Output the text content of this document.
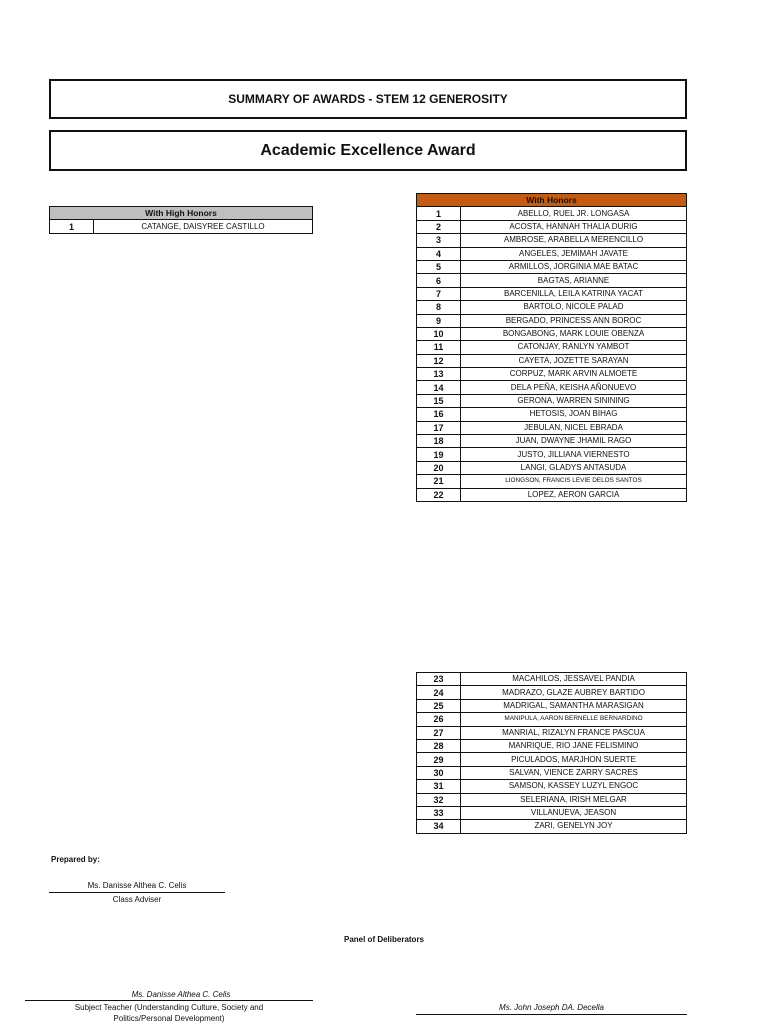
SUMMARY OF AWARDS - STEM 12 GENEROSITY
Academic Excellence Award
With High Honors
1	CATANGE, DAISYREE CASTILLO
With Honors	
1	ABELLO, RUEL JR. LONGASA
2	ACOSTA, HANNAH THALIA DURIG
3	AMBROSE, ARABELLA MERENCILLO
4	ANGELES, JEMIMAH JAVATE
5	ARMILLOS, JORGINIA MAE BATAC
6	BAGTAS, ARIANNE
7	BARCENILLA, LEILA KATRINA YACAT
8	BARTOLO, NICOLE PALAD
9	BERGADO, PRINCESS ANN BOROC
10	BONGABONG, MARK LOUIE OBENZA
11	CATONJAY, RANLYN YAMBOT
12	CAYETA, JOZETTE SARAYAN
13	CORPUZ, MARK ARVIN ALMOETE
14	DELA PEÑA, KEISHA AÑONUEVO
15	GERONA, WARREN SININING
16	HETOSIS, JOAN BIHAG
17	JEBULAN, NICEL EBRADA
18	JUAN, DWAYNE JHAMIL RAGO
19	JUSTO, JILLIANA VIERNESTO
20	LANGI, GLADYS ANTASUDA
21	LIONGSON, FRANCIS LEVIE DELOS SANTOS
22	LOPEZ, AERON GARCIA
23	MACAHILOS, JESSAVEL PANDIA
24	MADRAZO, GLAZE AUBREY BARTIDO
25	MADRIGAL, SAMANTHA MARASIGAN
26	MANIPULA, AARON BERNELLE BERNARDINO
27	MANRIAL, RIZALYN FRANCE PASCUA
28	MANRIQUE, RIO JANE FELISMINO
29	PICULADOS, MARJHON SUERTE
30	SALVAN, VIENCE ZARRY SACRES
31	SAMSON, KASSEY LUZYL ENGOC
32	SELERIANA, IRISH MELGAR
33	VILLANUEVA, JEASON
34	ZARI, GENELYN JOY
Prepared by:
Ms. Danisse Althea C. Celis
Class Adviser
Panel of Deliberators
Ms. Danisse Althea C. Celis
Subject Teacher (Understanding Culture, Society and
Politics/Personal Development)
Ms. John Joseph DA. Decella
